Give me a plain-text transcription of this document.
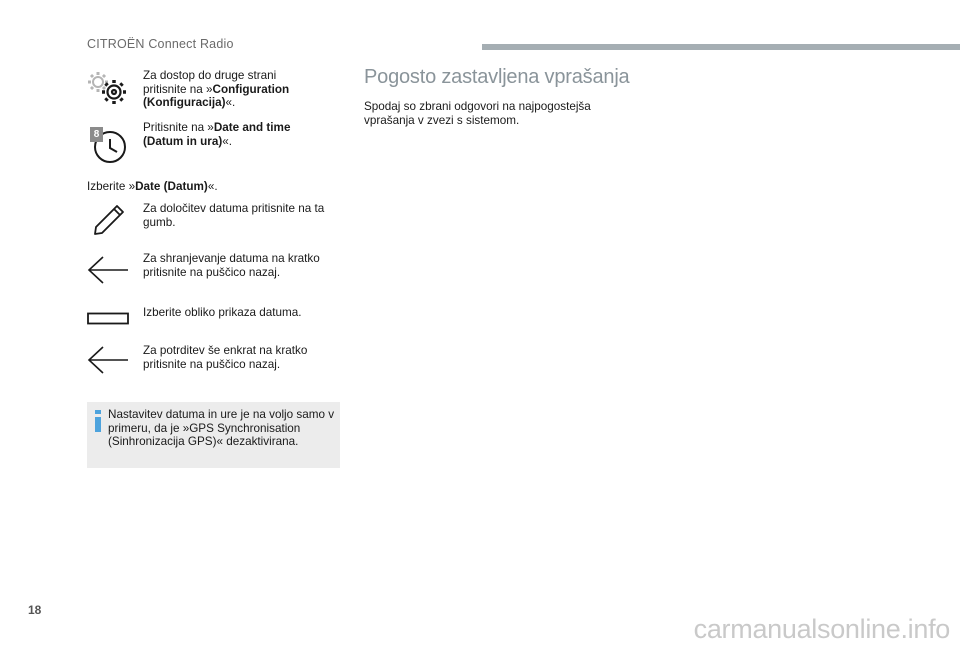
CITROËN Connect Radio
Za dostop do druge strani pritisnite na »Configuration (Konfiguracija)«.
8
Pritisnite na »Date and time (Datum in ura)«.
Izberite »Date (Datum)«.
Za določitev datuma pritisnite na ta gumb.
Za shranjevanje datuma na kratko pritisnite na puščico nazaj.
Izberite obliko prikaza datuma.
Za potrditev še enkrat na kratko pritisnite na puščico nazaj.
Nastavitev datuma in ure je na voljo samo v primeru, da je »GPS Synchronisation (Sinhronizacija GPS)« dezaktivirana.
Pogosto zastavljena vprašanja
Spodaj so zbrani odgovori na najpogostejša vprašanja v zvezi s sistemom.
18
carmanualsonline.info
